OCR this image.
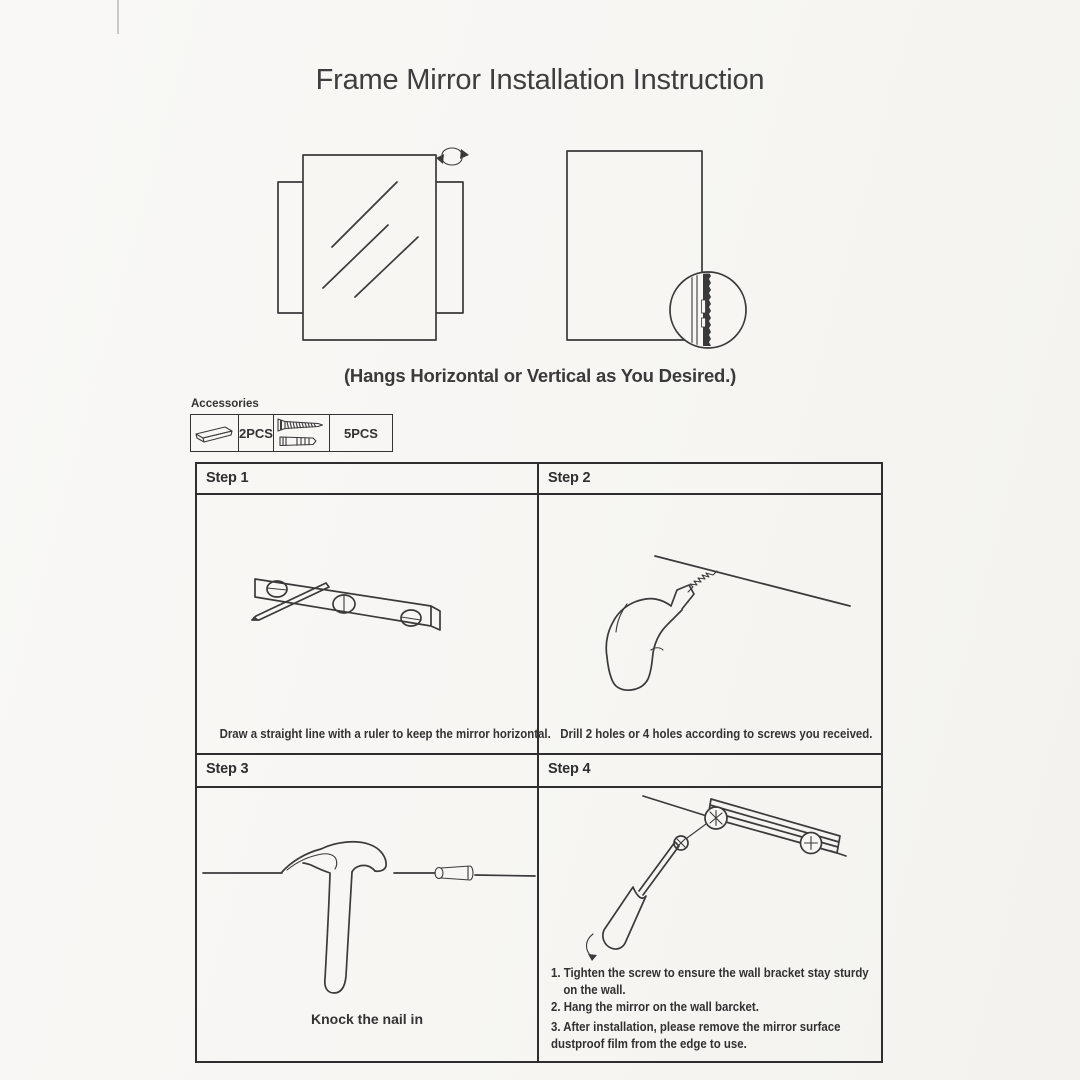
Frame Mirror Installation Instruction
(Hangs Horizontal or Vertical as You Desired.)
Accessories
2PCS	5PCS
Step 1	Step 2
Draw a straight line with a ruler to keep the mirror horizontal. Drill 2 holes or 4 holes according to screws you received.
Step 3	Step 4
Knock the nail in
1. Tighten the screw to ensure the wall bracket stay sturdy
on the wall.
2. Hang the mirror on the wall barcket.
3. After installation, please remove the mirror surface
dustproof film from the edge to use.
